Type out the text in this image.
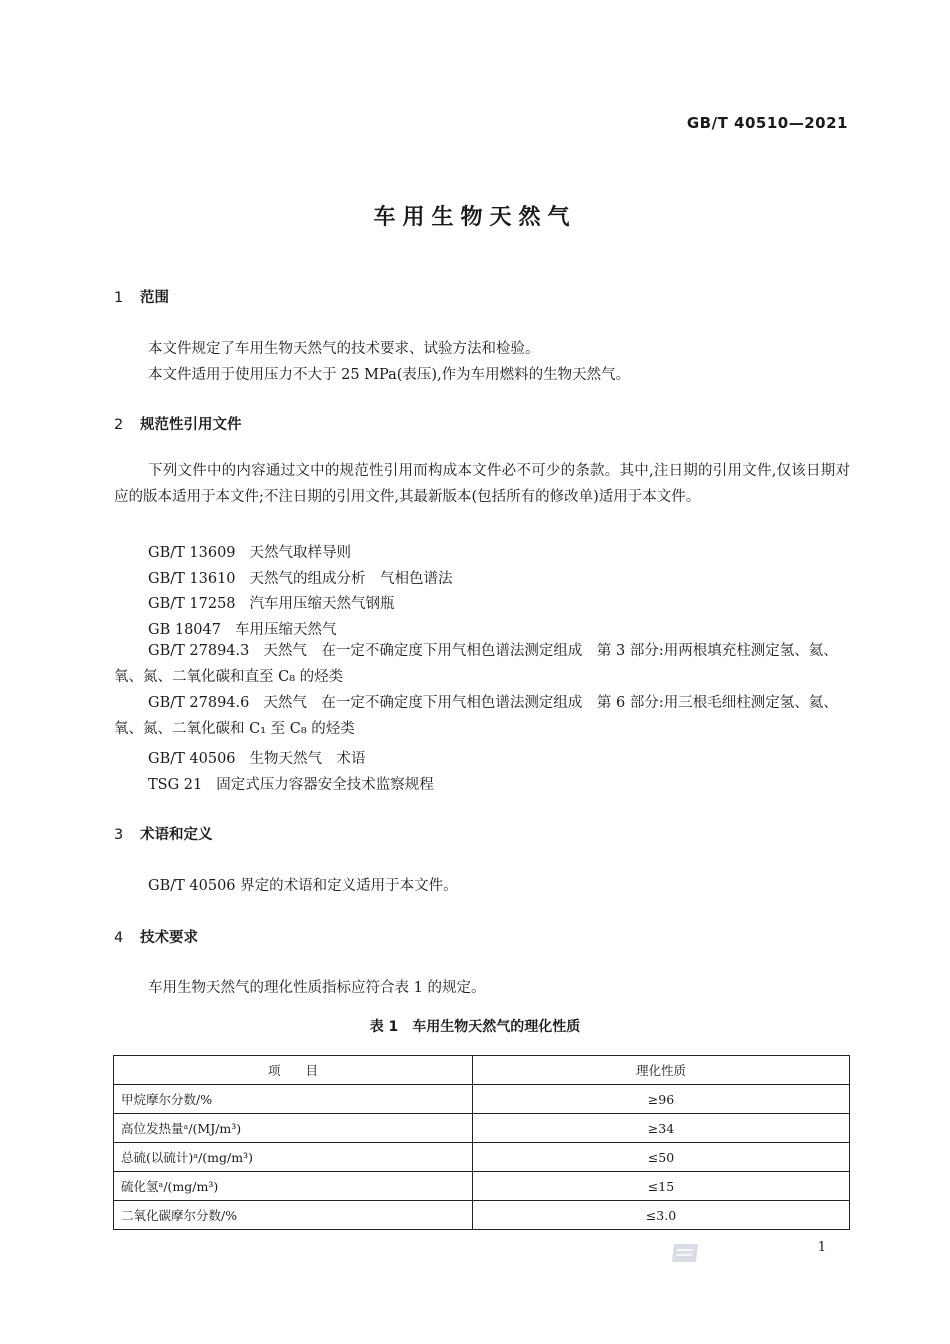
GB/T 40510—2021
车用生物天然气
1 范围
本文件规定了车用生物天然气的技术要求、试验方法和检验。
本文件适用于使用压力不大于 25 MPa(表压),作为车用燃料的生物天然气。
2 规范性引用文件

下列文件中的内容通过文中的规范性引用而构成本文件必不可少的条款。其中,注日期的引用文件,仅该日期对应的版本适用于本文件;不注日期的引用文件,其最新版本(包括所有的修改单)适用于本文件。

GB/T 13609 天然气取样导则
GB/T 13610 天然气的组成分析　气相色谱法
GB/T 17258 汽车用压缩天然气钢瓶
GB 18047 车用压缩天然气

GB/T 27894.3 天然气　在一定不确定度下用气相色谱法测定组成　第 3 部分:用两根填充柱测定氢、氦、氧、氮、二氧化碳和直至 C₈ 的烃类

GB/T 27894.6 天然气　在一定不确定度下用气相色谱法测定组成　第 6 部分:用三根毛细柱测定氢、氦、氧、氮、二氧化碳和 C₁ 至 C₈ 的烃类

GB/T 40506 生物天然气　术语
TSG 21 固定式压力容器安全技术监察规程
3 术语和定义
GB/T 40506 界定的术语和定义适用于本文件。
4 技术要求
车用生物天然气的理化性质指标应符合表 1 的规定。
表 1　车用生物天然气的理化性质
项　　目	理化性质
甲烷摩尔分数/%	≥96
高位发热量ᵃ/(MJ/m³)	≥34
总硫(以硫计)ᵃ/(mg/m³)	≤50
硫化氢ᵃ/(mg/m³)	≤15
二氧化碳摩尔分数/%	≤3.0
1
